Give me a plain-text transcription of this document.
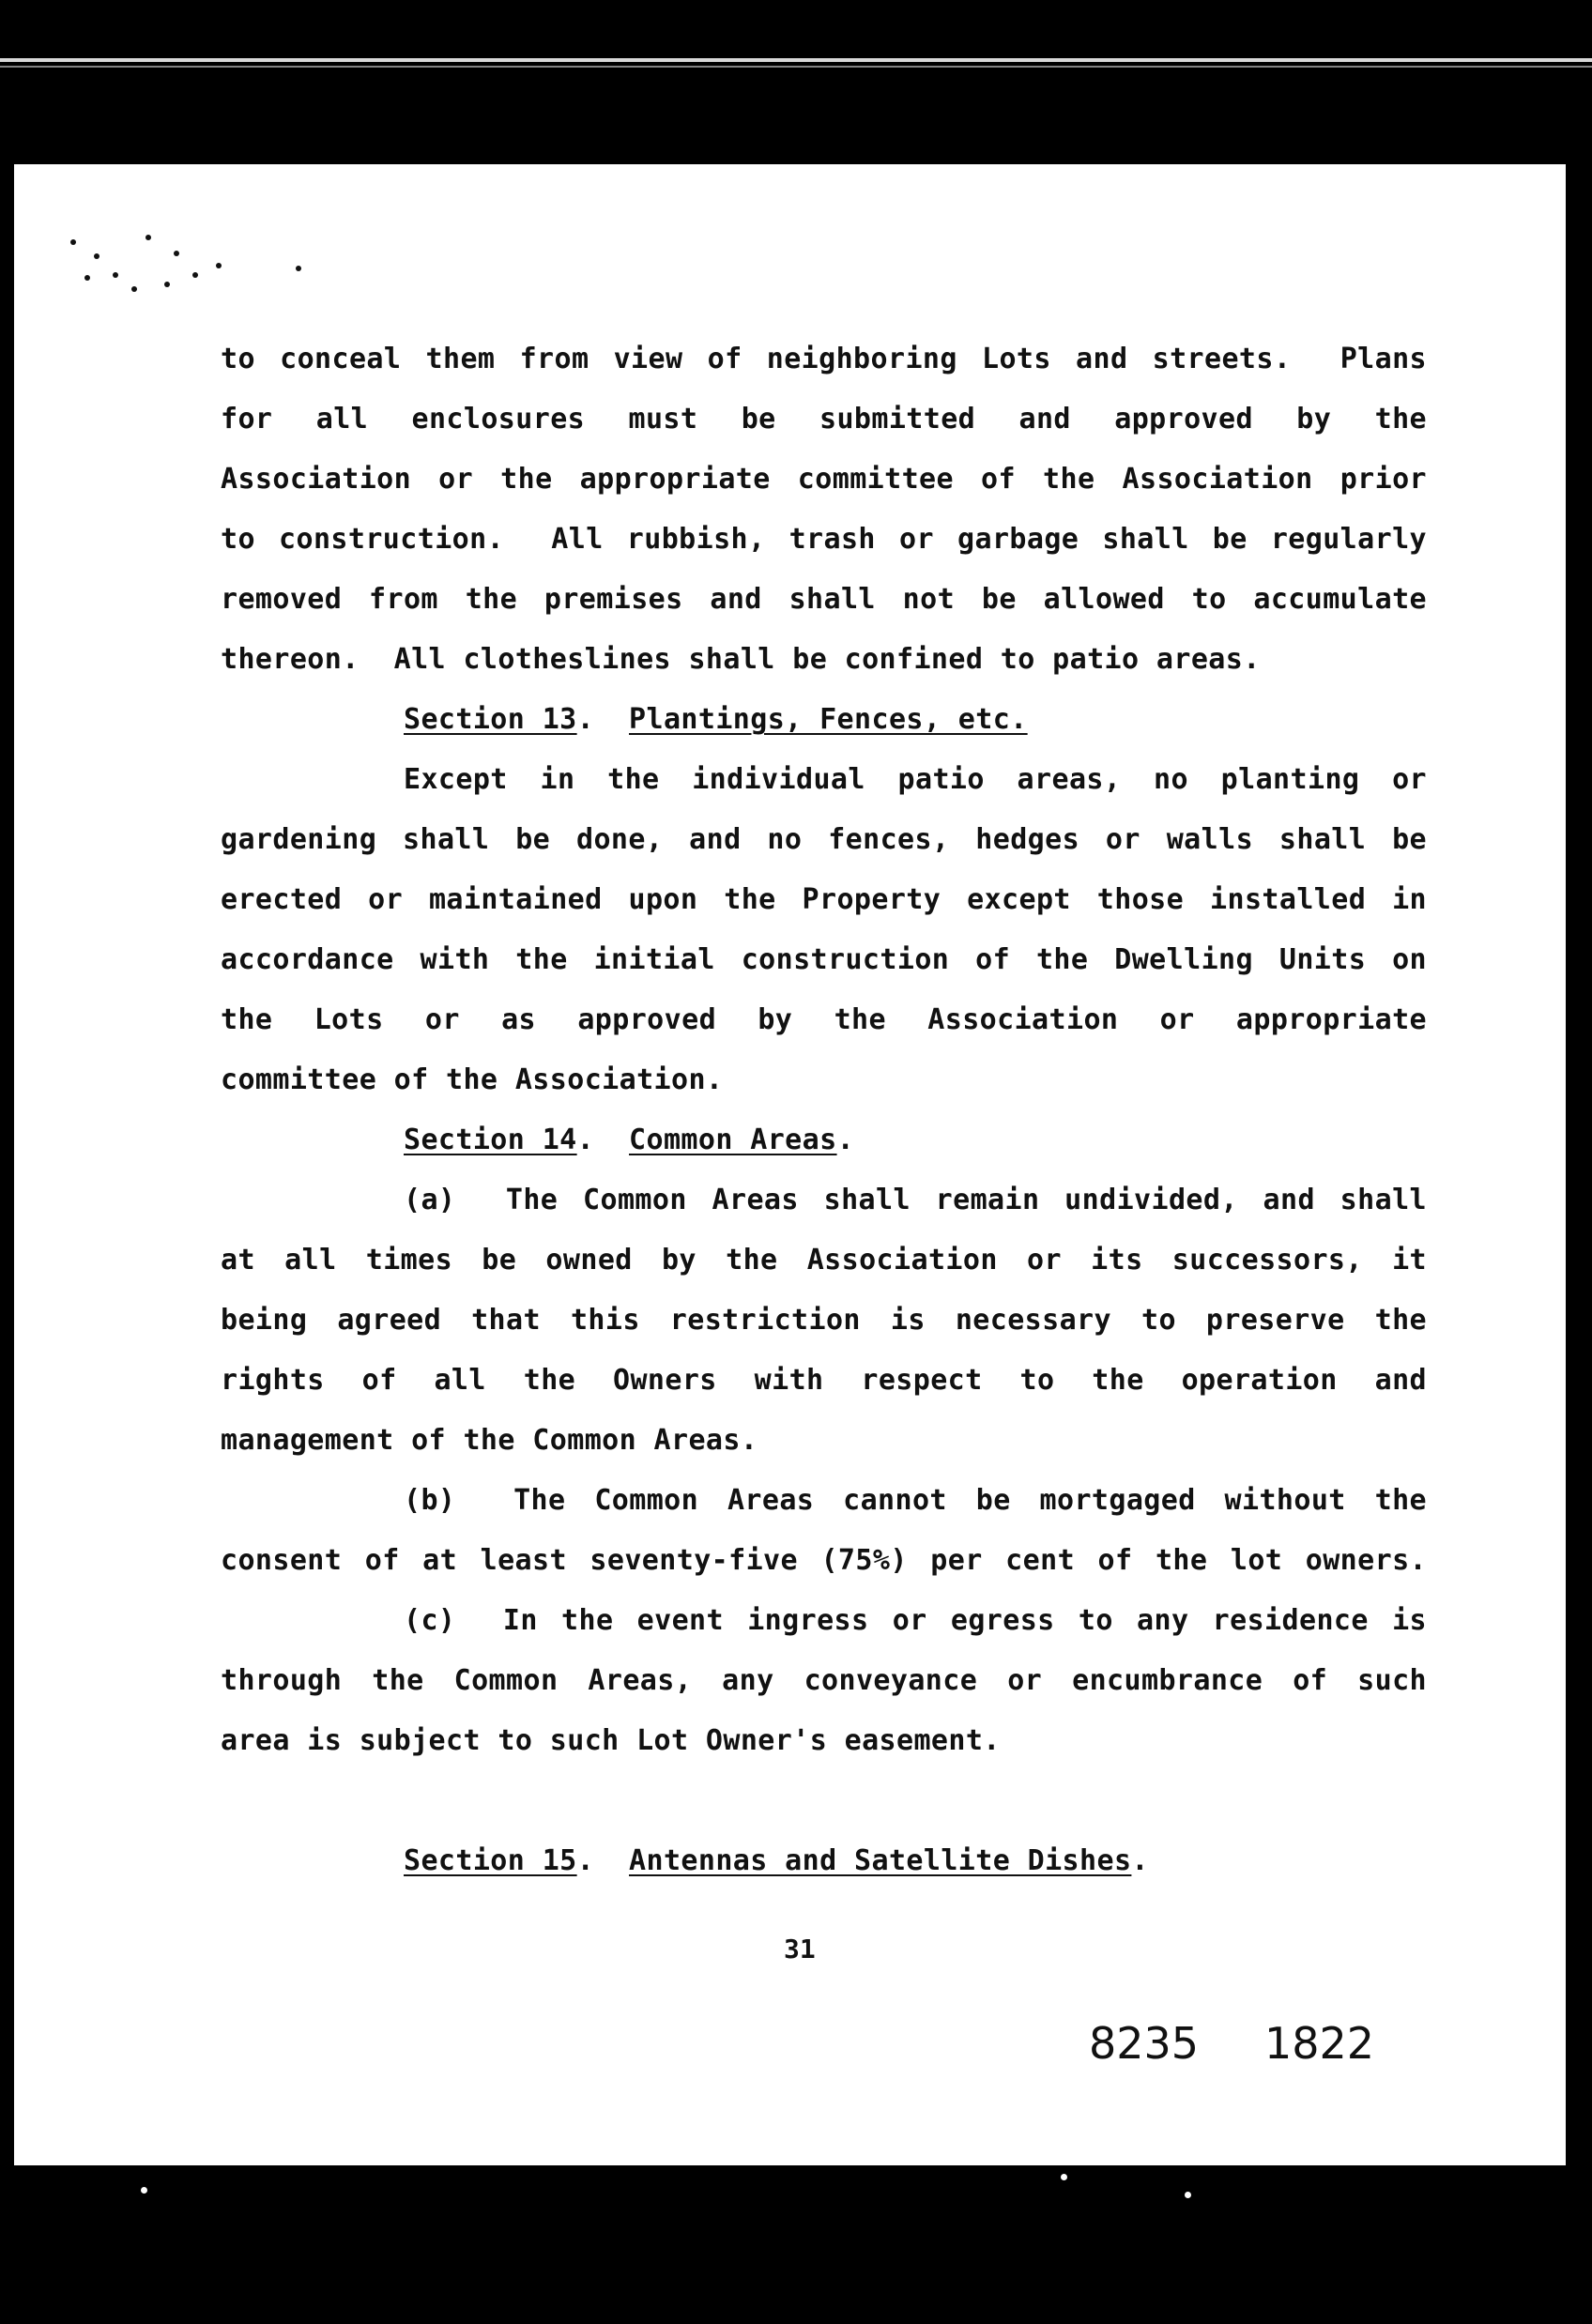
to conceal them from view of neighboring Lots and streets.  Plans
for all enclosures must be submitted and approved by the
Association or the appropriate committee of the Association prior
to construction.  All rubbish, trash or garbage shall be regularly
removed from the premises and shall not be allowed to accumulate
thereon.  All clotheslines shall be confined to patio areas.
Section 13.  Plantings, Fences, etc.
Except in the individual patio areas, no planting or
gardening shall be done, and no fences, hedges or walls shall be
erected or maintained upon the Property except those installed in
accordance with the initial construction of the Dwelling Units on
the Lots or as approved by the Association or appropriate
committee of the Association.
Section 14.  Common Areas.
(a)  The Common Areas shall remain undivided, and shall
at all times be owned by the Association or its successors, it
being agreed that this restriction is necessary to preserve the
rights of all the Owners with respect to the operation and
management of the Common Areas.
(b)  The Common Areas cannot be mortgaged without the
consent of at least seventy-five (75%) per cent of the lot owners.
(c)  In the event ingress or egress to any residence is
through the Common Areas, any conveyance or encumbrance of such
area is subject to such Lot Owner's easement.
Section 15.  Antennas and Satellite Dishes.
31
8235 1822
